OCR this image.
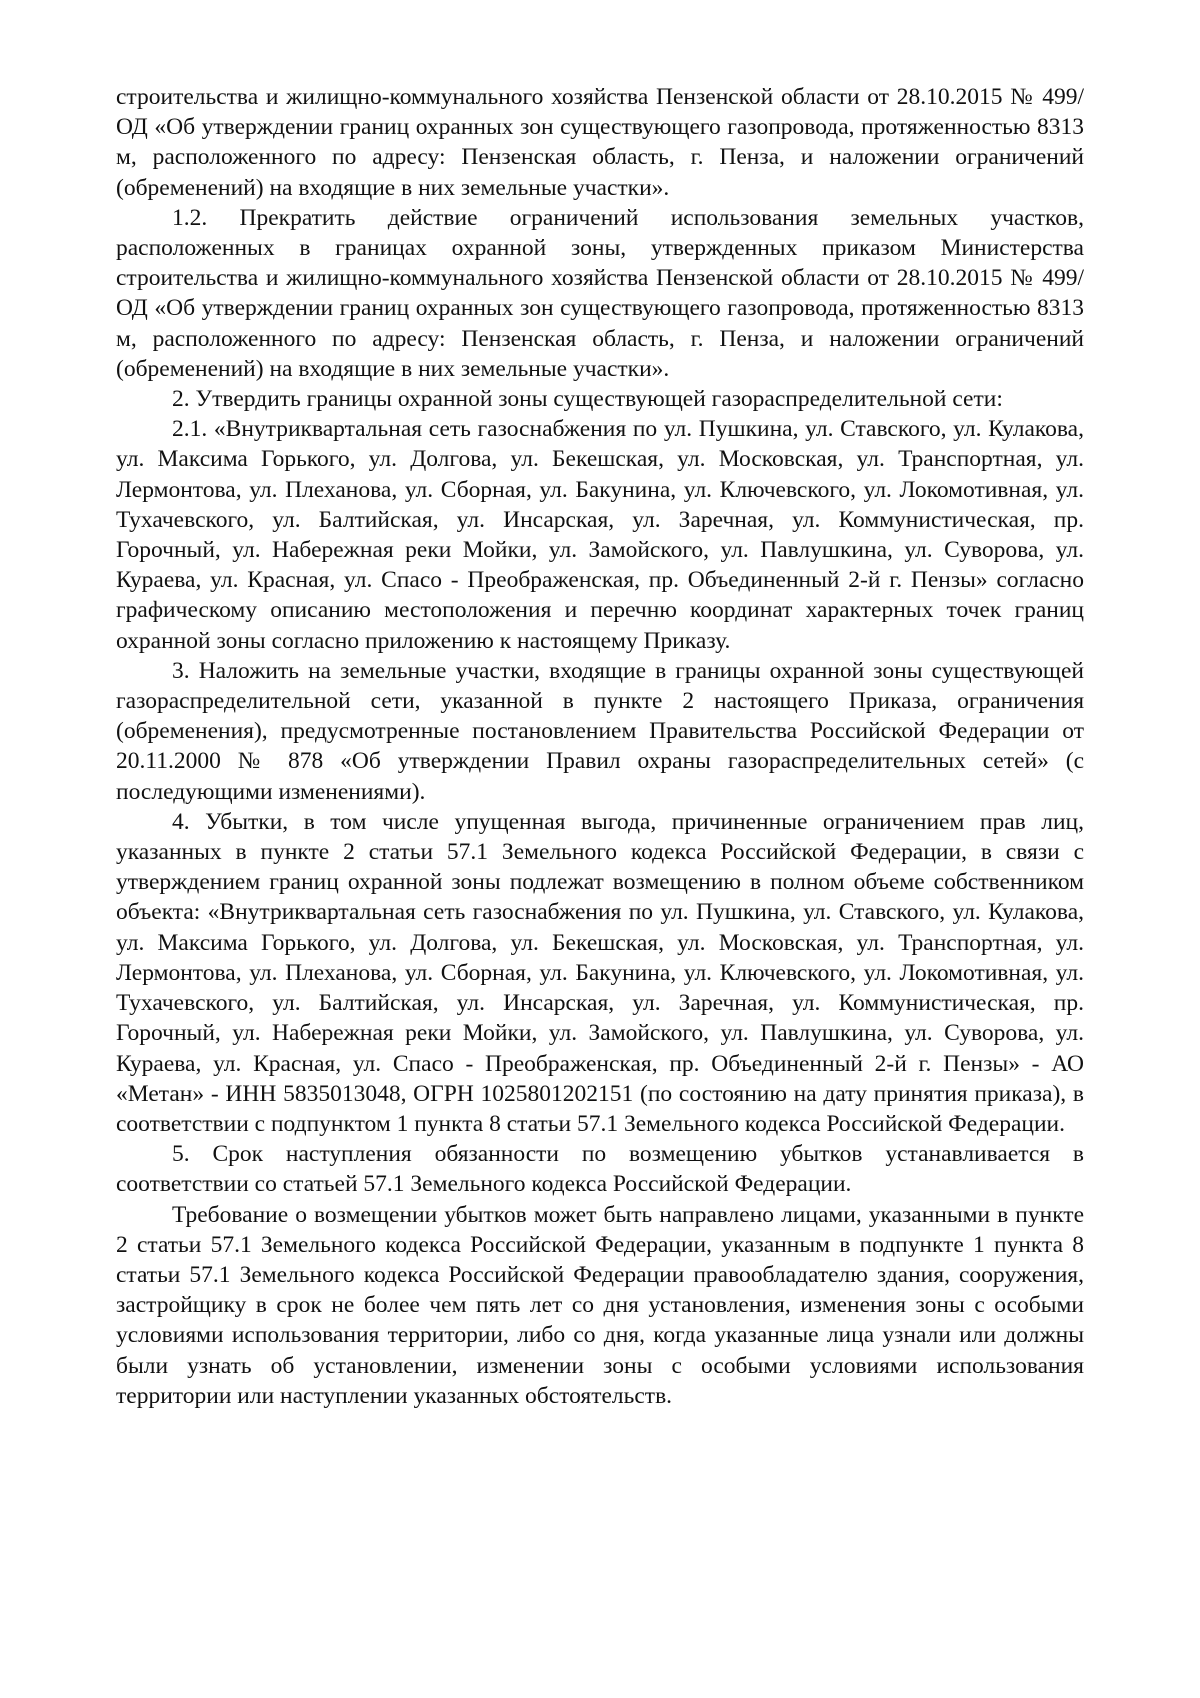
строительства и жилищно-коммунального хозяйства Пензенской области от 28.10.2015 № 499/ОД «Об утверждении границ охранных зон существующего газопровода, протяженностью 8313 м, расположенного по адресу: Пензенская область, г. Пенза, и наложении ограничений (обременений) на входящие в них земельные участки».

1.2. Прекратить действие ограничений использования земельных участков, расположенных в границах охранной зоны, утвержденных приказом Министерства строительства и жилищно-коммунального хозяйства Пензенской области от 28.10.2015 № 499/ОД «Об утверждении границ охранных зон существующего газопровода, протяженностью 8313 м, расположенного по адресу: Пензенская область, г. Пенза, и наложении ограничений (обременений) на входящие в них земельные участки».

2. Утвердить границы охранной зоны существующей газораспределительной сети:

2.1. «Внутриквартальная сеть газоснабжения по ул. Пушкина, ул. Ставского, ул. Кулакова, ул. Максима Горького, ул. Долгова, ул. Бекешская, ул. Московская, ул. Транспортная, ул. Лермонтова, ул. Плеханова, ул. Сборная, ул. Бакунина, ул. Ключевского, ул. Локомотивная, ул. Тухачевского, ул. Балтийская, ул. Инсарская, ул. Заречная, ул. Коммунистическая, пр. Горочный, ул. Набережная реки Мойки, ул. Замойского, ул. Павлушкина, ул. Суворова, ул. Кураева, ул. Красная, ул. Спасо - Преображенская, пр. Объединенный 2-й г. Пензы» согласно графическому описанию местоположения и перечню координат характерных точек границ охранной зоны согласно приложению к настоящему Приказу.

3. Наложить на земельные участки, входящие в границы охранной зоны существующей газораспределительной сети, указанной в пункте 2 настоящего Приказа, ограничения (обременения), предусмотренные постановлением Правительства Российской Федерации от 20.11.2000 № 878 «Об утверждении Правил охраны газораспределительных сетей» (с последующими изменениями).

4. Убытки, в том числе упущенная выгода, причиненные ограничением прав лиц, указанных в пункте 2 статьи 57.1 Земельного кодекса Российской Федерации, в связи с утверждением границ охранной зоны подлежат возмещению в полном объеме собственником объекта: «Внутриквартальная сеть газоснабжения по ул. Пушкина, ул. Ставского, ул. Кулакова, ул. Максима Горького, ул. Долгова, ул. Бекешская, ул. Московская, ул. Транспортная, ул. Лермонтова, ул. Плеханова, ул. Сборная, ул. Бакунина, ул. Ключевского, ул. Локомотивная, ул. Тухачевского, ул. Балтийская, ул. Инсарская, ул. Заречная, ул. Коммунистическая, пр. Горочный, ул. Набережная реки Мойки, ул. Замойского, ул. Павлушкина, ул. Суворова, ул. Кураева, ул. Красная, ул. Спасо - Преображенская, пр. Объединенный 2-й г. Пензы» - АО «Метан» - ИНН 5835013048, ОГРН 1025801202151 (по состоянию на дату принятия приказа), в соответствии с подпунктом 1 пункта 8 статьи 57.1 Земельного кодекса Российской Федерации.

5. Срок наступления обязанности по возмещению убытков устанавливается в соответствии со статьей 57.1 Земельного кодекса Российской Федерации.

Требование о возмещении убытков может быть направлено лицами, указанными в пункте 2 статьи 57.1 Земельного кодекса Российской Федерации, указанным в подпункте 1 пункта 8 статьи 57.1 Земельного кодекса Российской Федерации правообладателю здания, сооружения, застройщику в срок не более чем пять лет со дня установления, изменения зоны с особыми условиями использования территории, либо со дня, когда указанные лица узнали или должны были узнать об установлении, изменении зоны с особыми условиями использования территории или наступлении указанных обстоятельств.
